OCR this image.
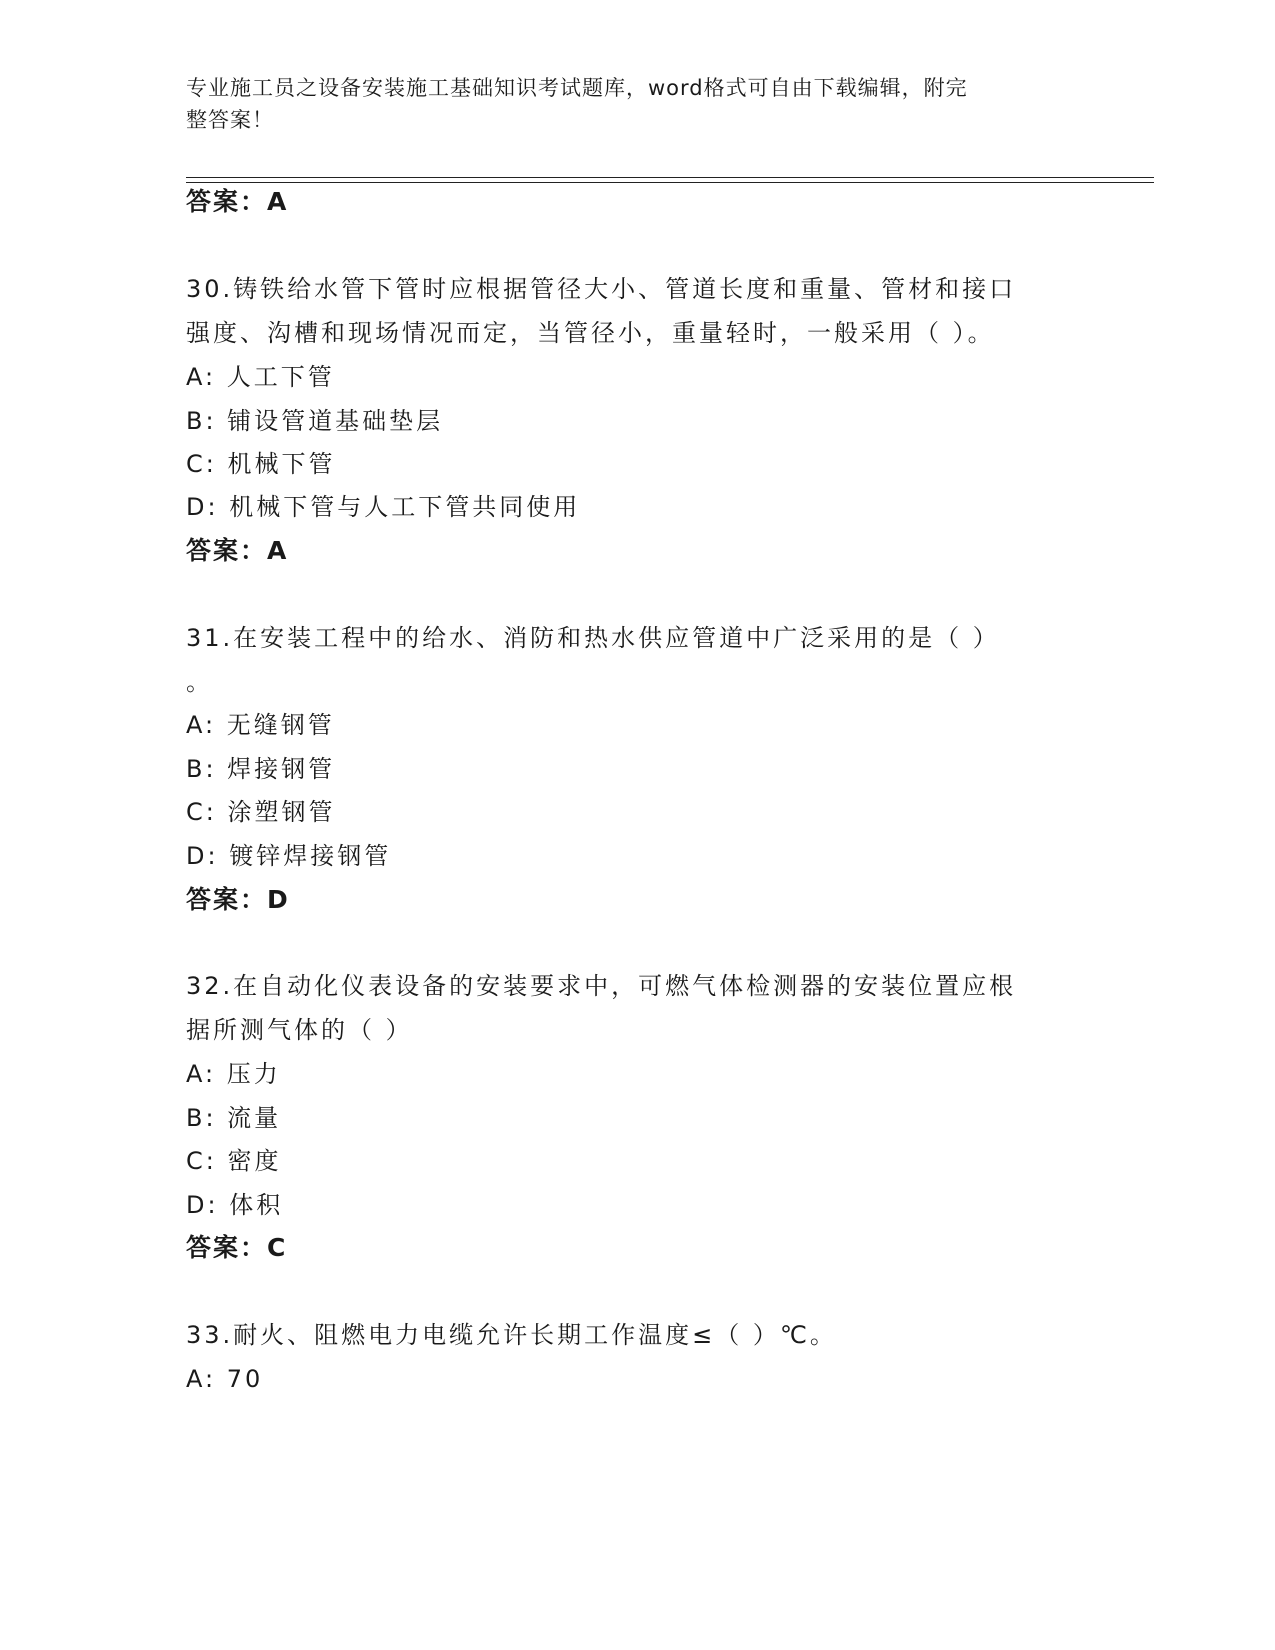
专业施工员之设备安装施工基础知识考试题库，word格式可自由下载编辑，附完
整答案！
答案：A
30.铸铁给水管下管时应根据管径大小、管道长度和重量、管材和接口
强度、沟槽和现场情况而定，当管径小，重量轻时，一般采用（ ）。
A: 人工下管
B: 铺设管道基础垫层
C: 机械下管
D: 机械下管与人工下管共同使用
答案：A
31.在安装工程中的给水、消防和热水供应管道中广泛采用的是（ ）
。
A: 无缝钢管
B: 焊接钢管
C: 涂塑钢管
D: 镀锌焊接钢管
答案：D
32.在自动化仪表设备的安装要求中，可燃气体检测器的安装位置应根
据所测气体的（ ）
A: 压力
B: 流量
C: 密度
D: 体积
答案：C
33.耐火、阻燃电力电缆允许长期工作温度≤（ ）℃。
A: 70
